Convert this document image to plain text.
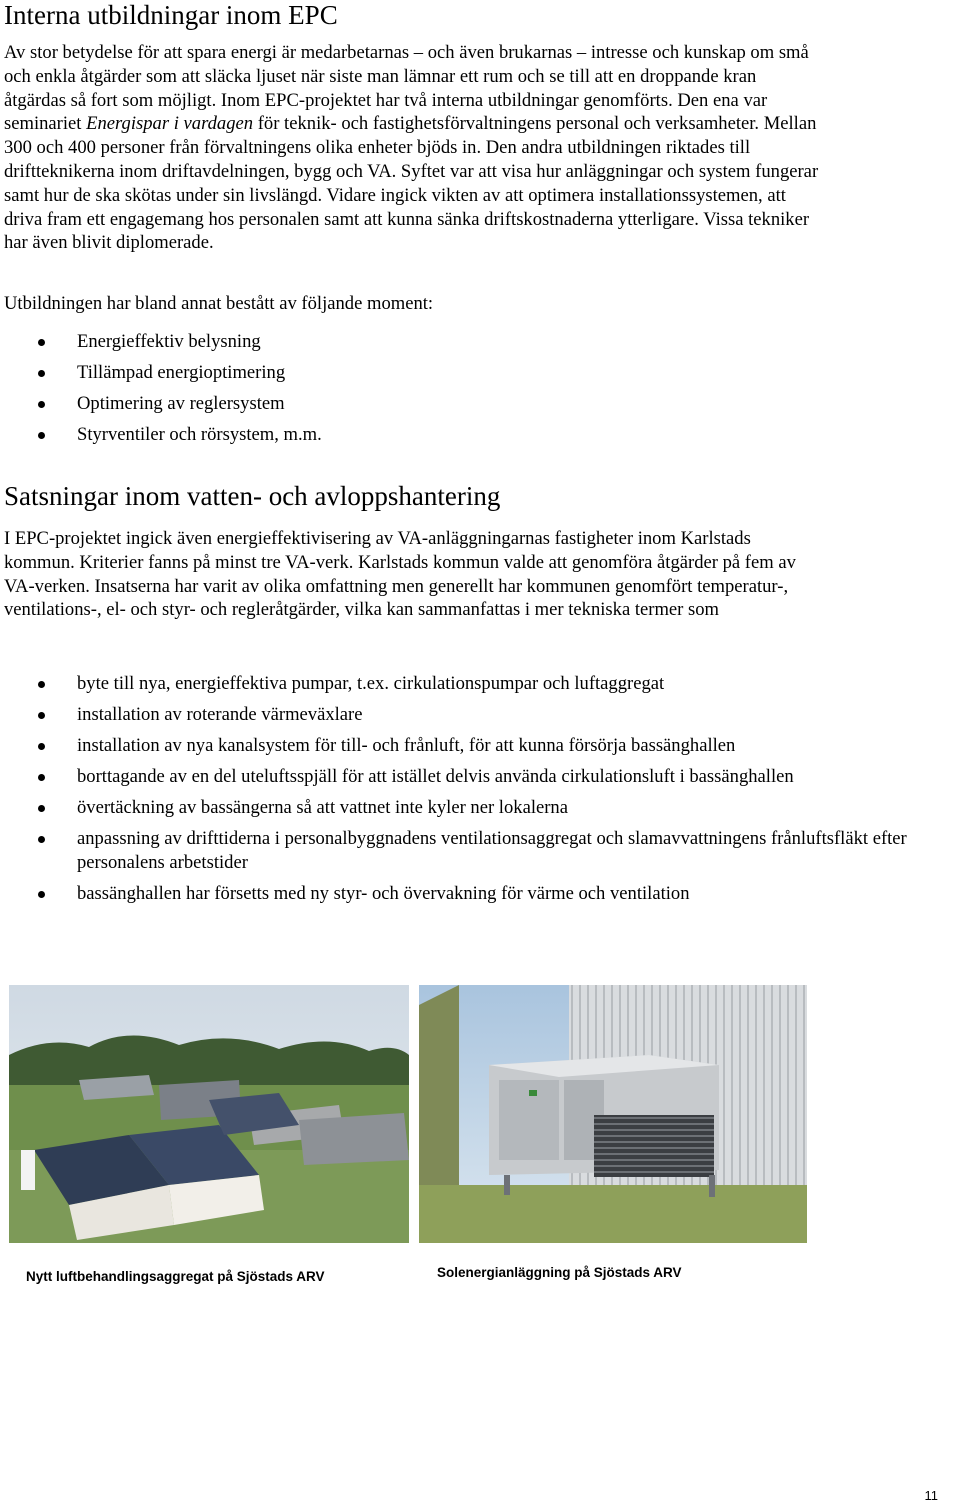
Interna utbildningar inom EPC

Av stor betydelse för att spara energi är medarbetarnas – och även brukarnas – intresse och kunskap om små och enkla åtgärder som att släcka ljuset när siste man lämnar ett rum och se till att en droppande kran åtgärdas så fort som möjligt. Inom EPC-projektet har två interna utbildningar genomförts. Den ena var seminariet Energispar i vardagen för teknik- och fastighetsförvaltningens personal och verksamheter. Mellan 300 och 400 personer från förvaltningens olika enheter bjöds in. Den andra utbildningen riktades till driftteknikerna inom driftavdelningen, bygg och VA. Syftet var att visa hur anläggningar och system fungerar samt hur de ska skötas under sin livslängd. Vidare ingick vikten av att optimera installationssystemen, att driva fram ett engagemang hos personalen samt att kunna sänka driftskostnaderna ytterligare. Vissa tekniker har även blivit diplomerade.

Utbildningen har bland annat bestått av följande moment:

Energieffektiv belysning
Tillämpad energioptimering
Optimering av reglersystem
Styrventiler och rörsystem, m.m.
Satsningar inom vatten- och avloppshantering

I EPC-projektet ingick även energieffektivisering av VA-anläggningarnas fastigheter inom Karlstads kommun. Kriterier fanns på minst tre VA-verk. Karlstads kommun valde att genomföra åtgärder på fem av VA-verken. Insatserna har varit av olika omfattning men generellt har kommunen genomfört temperatur-, ventilations-, el- och styr- och regleråtgärder, vilka kan sammanfattas i mer tekniska termer som

byte till nya, energieffektiva pumpar, t.ex. cirkulationspumpar och luftaggregat
installation av roterande värmeväxlare
installation av nya kanalsystem för till- och frånluft, för att kunna försörja bassänghallen
borttagande av en del uteluftsspjäll för att istället delvis använda cirkulationsluft i bassänghallen
övertäckning av bassängerna så att vattnet inte kyler ner lokalerna
anpassning av drifttiderna i personalbyggnadens ventilationsaggregat och slamavvattningens frånluftsfläkt efter personalens arbetstider
bassänghallen har försetts med ny styr- och övervakning för värme och ventilation
Nytt luftbehandlingsaggregat på Sjöstads ARV	Solenergianläggning på Sjöstads ARV
11
